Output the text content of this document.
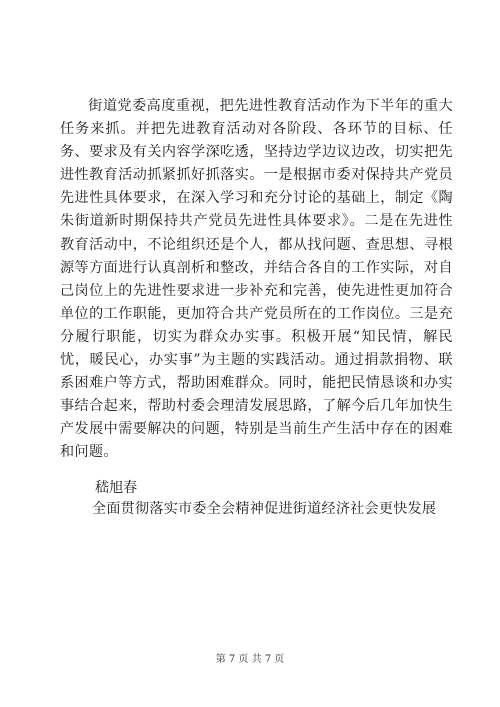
街道党委高度重视，把先进性教育活动作为下半年的重大任务来抓。并把先进教育活动对各阶段、各环节的目标、任务、要求及有关内容学深吃透，坚持边学边议边改，切实把先进性教育活动抓紧抓好抓落实。一是根据市委对保持共产党员先进性具体要求，在深入学习和充分讨论的基础上，制定《陶朱街道新时期保持共产党员先进性具体要求》。二是在先进性教育活动中，不论组织还是个人，都从找问题、查思想、寻根源等方面进行认真剖析和整改，并结合各自的工作实际，对自己岗位上的先进性要求进一步补充和完善，使先进性更加符合单位的工作职能，更加符合共产党员所在的工作岗位。三是充分履行职能，切实为群众办实事。积极开展“知民情，解民忧，暖民心，办实事”为主题的实践活动。通过捐款捐物、联系困难户等方式，帮助困难群众。同时，能把民情恳谈和办实事结合起来，帮助村委会理清发展思路，了解今后几年加快生产发展中需要解决的问题，特别是当前生产生活中存在的困难和问题。

嵇旭春

全面贯彻落实市委全会精神促进街道经济社会更快发展

第 7 页 共 7 页
